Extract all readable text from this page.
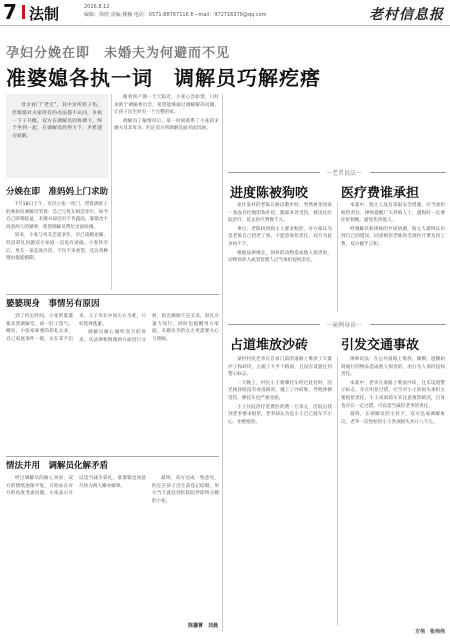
7 法制	2016.8.12
编辑：徐欣 责编 楼楠 电话：0571-88767116 E—mail：972716370@qq.com	老村信息报
孕妇分娩在即　未婚夫为何避而不见
准婆媳各执一词　调解员巧解疙瘩
母亲看门“老无”，其中亲所担子伤，但婆婆对夫家所有的办法都不认同，争执一下子升级，双方在调解员的协调下，终于坐到一起，在调解员的努力下，矛盾迎刃而解。
分娩在即　准妈妈上门求助

7月18日上午，市民小张一进门，带着满肚子的委屈向调解员哭诉：自己与男友相恋多年，如今自己即将临盆，未婚夫却迟迟不肯露面，婆婆也不同意两人的婚事，希望调解员帮忙出面协调。

原来，小张与男友恋爱多年，早已谈婚论嫁，但因彩礼问题双方家庭一直没有谈拢。小张怀孕后，男友一家态度冷淡，不仅不来看望，还以各种理由拖延婚期。

眼看预产期一天天临近，小张心急如焚，只好求助于调解委员会，希望能够通过调解解决问题，让孩子出生时有一个完整的家。

调解员了解情况后，第一时间联系了小张的未婚夫及其母亲，约定双方到调解室面对面沟通。

婆婆现身　事情另有原因

到了约定时间，小张的准婆婆来到调解室，却一肚子怨气。她说，小张家索要的彩礼太多，自己家庭条件一般，实在拿不出来，儿子夹在中间左右为难，只好选择逃避。

调解员耐心倾听双方的诉求，从法律和情理两方面进行分析，指出婚姻不是买卖，彩礼应量力而行，同时也提醒男方家庭，未婚先孕的女方更需要关心与照顾。

情法并用　调解员化解矛盾

经过调解员的耐心劝说，双方的情绪逐渐平复，开始站在对方的角度考虑问题。小张表示可以适当减少彩礼，准婆婆也同意尽快为两人操办婚事。

最终，双方达成一致意见，约定在孩子出生前登记结婚，男方当天就赶到医院陪伴即将分娩的小张。

陈骥菁　刘晨
一老者说法一
进度陈被狗咬	医疗费谁承担

家住某村的老陈在路边散步时，突然被邻居家一条没有拴绳的狗扑咬，腿部多处受伤，被送往医院治疗，花去医疗费数千元。

事后，老陈找到狗主人要求赔偿，对方却认为是老陈自己招惹了狗，不愿意承担责任，双方为此争执不下。

根据法律规定，饲养的动物造成他人损害的，动物饲养人或者管理人应当承担侵权责任。

本案中，狗主人没有采取安全措施，应当承担赔偿责任。律师提醒广大养狗人士，遛狗时一定要拴好狗绳，避免伤害他人。

经调解员和律师的共同协调，狗主人最终认识到自己的错误，同意赔偿老陈的全部医疗费及误工费，双方握手言和。

一案例导读一
占道堆放沙砖	引发交通事故

某村村民老李在自家门前的道路上堆放了大量沙子和砖块，占据了大半个路面，且没有设置任何警示标志。

一天晚上，村民小王骑摩托车经过此处时，因光线昏暗没有看清路况，撞上了沙砖堆，导致摔倒受伤，摩托车也严重受损。

小王住院治疗花费医药费一万余元，出院后找到老李要求赔偿，老李却认为是小王自己骑车不小心，拒绝赔偿。

律师说法：在公共道路上堆放、倾倒、遗撒妨碍通行的物品造成他人损害的，由行为人承担侵权责任。

本案中，老李在道路上堆放沙砖，且未设置警示标志，存在明显过错，应当对小王的损失承担主要赔偿责任。小王夜间骑车未注意观察路况，自身也存在一定过错，可以适当减轻老李的责任。

最终，在调解员的主持下，双方达成调解协议，老李一次性赔偿小王各项损失共计八千元。

方伟　张伟伟
